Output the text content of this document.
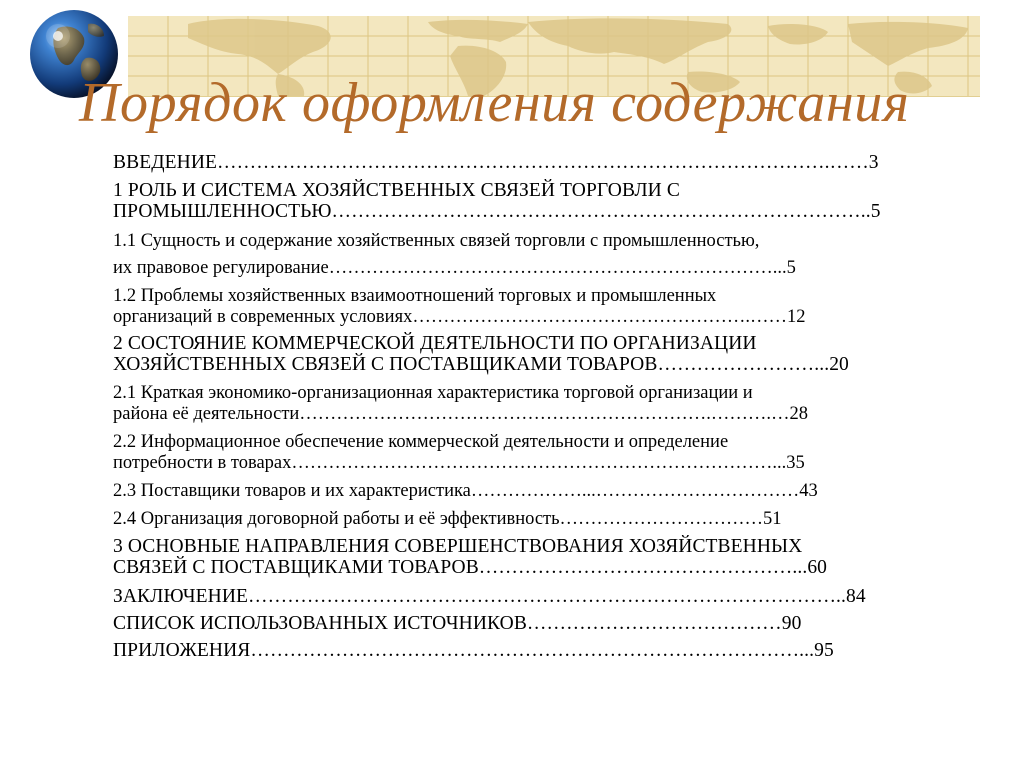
Порядок оформления содержания
ВВЕДЕНИЕ………………………………………………………………………………….……3
1 РОЛЬ И СИСТЕМА ХОЗЯЙСТВЕННЫХ СВЯЗЕЙ ТОРГОВЛИ С
ПРОМЫШЛЕННОСТЬЮ………………………………………………………………………..5
1.1 Сущность и содержание хозяйственных связей торговли с промышленностью,
их правовое регулирование………………………………………………………………...5
1.2 Проблемы хозяйственных взаимоотношений торговых и промышленных
организаций в современных условиях……………………………………………….……12
2 СОСТОЯНИЕ КОММЕРЧЕСКОЙ ДЕЯТЕЛЬНОСТИ ПО ОРГАНИЗАЦИИ
ХОЗЯЙСТВЕННЫХ СВЯЗЕЙ С ПОСТАВЩИКАМИ ТОВАРОВ……………………...20
2.1 Краткая экономико-организационная характеристика торговой организации и
района её деятельности………………………………………………………….……….…28
2.2 Информационное обеспечение коммерческой деятельности и определение
потребности в товарах……………………………………………………………………...35
2.3 Поставщики товаров и их характеристика………………...……………………………43
2.4 Организация договорной работы и её эффективность……………………………51
3 ОСНОВНЫЕ НАПРАВЛЕНИЯ СОВЕРШЕНСТВОВАНИЯ ХОЗЯЙСТВЕННЫХ
СВЯЗЕЙ С ПОСТАВЩИКАМИ ТОВАРОВ…………………………………………...60
ЗАКЛЮЧЕНИЕ………………………………………………………………………………..84
СПИСОК ИСПОЛЬЗОВАННЫХ ИСТОЧНИКОВ…………………………………90
ПРИЛОЖЕНИЯ…………………………………………………………………………...95
